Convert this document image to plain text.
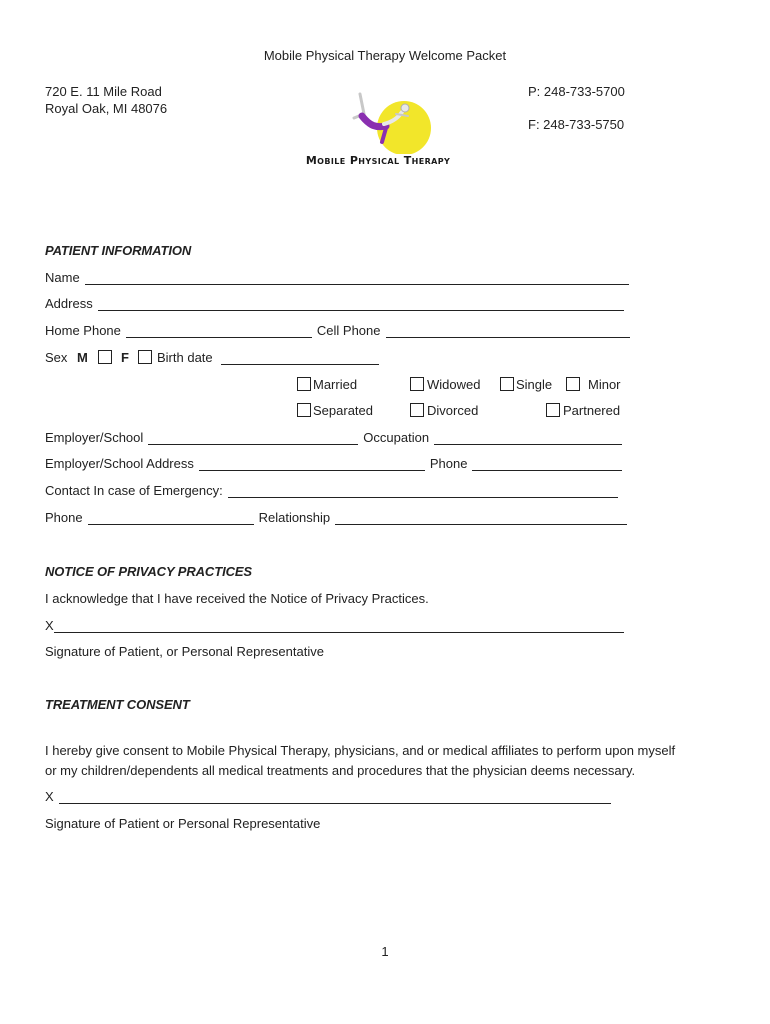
Mobile Physical Therapy Welcome Packet
720 E. 11 Mile Road
Royal Oak, MI 48076
P: 248-733-5700
F: 248-733-5750
Mobile Physical Therapy
PATIENT INFORMATION
Name
Address
Home Phone	Cell Phone
Sex M	F Birth date
Married	Widowed	Single	Minor
Separated	Divorced	Partnered
Employer/School	Occupation
Employer/School Address	Phone
Contact In case of Emergency:
Phone	Relationship
NOTICE OF PRIVACY PRACTICES
I acknowledge that I have received the Notice of Privacy Practices.
X
Signature of Patient, or Personal Representative
TREATMENT CONSENT
I hereby give consent to Mobile Physical Therapy, physicians, and or medical affiliates to perform upon myself
or my children/dependents all medical treatments and procedures that the physician deems necessary.
X
Signature of Patient or Personal Representative
1
